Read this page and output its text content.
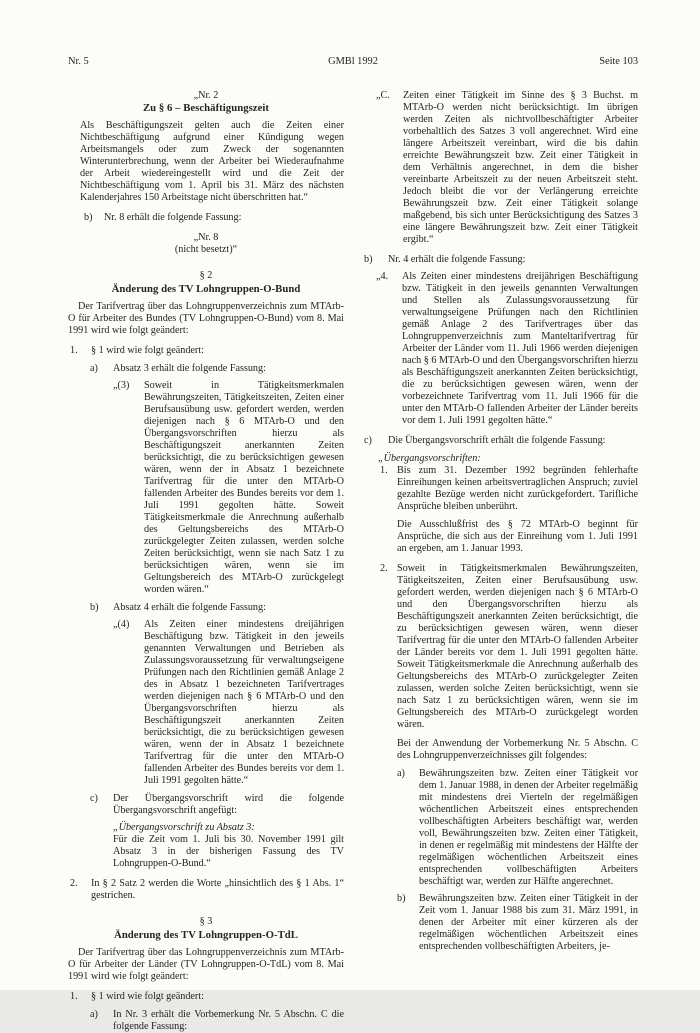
Nr. 5	GMBl 1992	Seite 103
„Nr. 2
Zu § 6 – Beschäftigungszeit
Als Beschäftigungszeit gelten auch die Zeiten einer Nichtbeschäftigung aufgrund einer Kündigung wegen Arbeitsmangels oder zum Zweck der sogenannten Winterunterbrechung, wenn der Arbeiter bei Wiederaufnahme der Arbeit wiedereingestellt wird und die Zeit der Nichtbeschäftigung vom 1. April bis 31. März des nächsten Kalenderjahres 150 Arbeitstage nicht überschritten hat.“
b)	Nr. 8 erhält die folgende Fassung:
„Nr. 8
(nicht besetzt)“
§ 2
Änderung des TV Lohngruppen-O-Bund
Der Tarifvertrag über das Lohngruppenverzeichnis zum MTArb-O für Arbeiter des Bundes (TV Lohngruppen-O-Bund) vom 8. Mai 1991 wird wie folgt geändert:
1.	§ 1 wird wie folgt geändert:
a)	Absatz 3 erhält die folgende Fassung:
„(3)	Soweit in Tätigkeitsmerkmalen Bewährungszeiten, Tätigkeitszeiten, Zeiten einer Berufsausübung usw. gefordert werden, werden diejenigen nach § 6 MTArb-O und den Übergangsvorschriften hierzu als Beschäftigungszeit anerkannten Zeiten berücksichtigt, die zu berücksichtigen gewesen wären, wenn der in Absatz 1 bezeichnete Tarifvertrag für die unter den MTArb-O fallenden Arbeiter des Bundes bereits vor dem 1. Juli 1991 gegolten hätte. Soweit Tätigkeitsmerkmale die Anrechnung außerhalb des Geltungsbereichs des MTArb-O zurückgelegter Zeiten zulassen, werden solche Zeiten berücksichtigt, wenn sie nach Satz 1 zu berücksichtigen wären, wenn sie im Geltungsbereich des MTArb-O zurückgelegt worden wären.“
b)	Absatz 4 erhält die folgende Fassung:
„(4)	Als Zeiten einer mindestens dreijährigen Beschäftigung bzw. Tätigkeit in den jeweils genannten Verwaltungen und Betrieben als Zulassungsvoraussetzung für verwaltungseigene Prüfungen nach den Richtlinien gemäß Anlage 2 des in Absatz 1 bezeichneten Tarifvertrages werden diejenigen nach § 6 MTArb-O und den Übergangsvorschriften hierzu als Beschäftigungszeit anerkannten Zeiten berücksichtigt, die zu berücksichtigen gewesen wären, wenn der in Absatz 1 bezeichnete Tarifvertrag für die unter den MTArb-O fallenden Arbeiter des Bundes bereits vor dem 1. Juli 1991 gegolten hätte.“
c)	Der Übergangsvorschrift wird die folgende Übergangsvorschrift angefügt:
„Übergangsvorschrift zu Absatz 3:
Für die Zeit vom 1. Juli bis 30. November 1991 gilt Absatz 3 in der bisherigen Fassung des TV Lohngruppen-O-Bund.“
2.	In § 2 Satz 2 werden die Worte „hinsichtlich des § 1 Abs. 1“ gestrichen.
§ 3
Änderung des TV Lohngruppen-O-TdL
Der Tarifvertrag über das Lohngruppenverzeichnis zum MTArb-O für Arbeiter der Länder (TV Lohngruppen-O-TdL) vom 8. Mai 1991 wird wie folgt geändert:
1.	§ 1 wird wie folgt geändert:
a)	In Nr. 3 erhält die Vorbemerkung Nr. 5 Abschn. C die folgende Fassung:
„C.	Zeiten einer Tätigkeit im Sinne des § 3 Buchst. m MTArb-O werden nicht berücksichtigt. Im übrigen werden Zeiten als nichtvollbeschäftigter Arbeiter vorbehaltlich des Satzes 3 voll angerechnet. Wird eine längere Arbeitszeit vereinbart, wird die bis dahin erreichte Bewährungszeit bzw. Zeit einer Tätigkeit in dem Verhältnis angerechnet, in dem die bisher vereinbarte Arbeitszeit zu der neuen Arbeitszeit steht. Jedoch bleibt die vor der Verlängerung erreichte Bewährungszeit bzw. Zeit einer Tätigkeit solange maßgebend, bis sich unter Berücksichtigung des Satzes 3 eine längere Bewährungszeit bzw. Zeit einer Tätigkeit ergibt.“
b)	Nr. 4 erhält die folgende Fassung:
„4.	Als Zeiten einer mindestens dreijährigen Beschäftigung bzw. Tätigkeit in den jeweils genannten Verwaltungen und Stellen als Zulassungsvoraussetzung für verwaltungseigene Prüfungen nach den Richtlinien gemäß Anlage 2 des Tarifvertrages über das Lohngruppenverzeichnis zum Manteltarifvertrag für Arbeiter der Länder vom 11. Juli 1966 werden diejenigen nach § 6 MTArb-O und den Übergangsvorschriften hierzu als Beschäftigungszeit anerkannten Zeiten berücksichtigt, die zu berücksichtigen gewesen wären, wenn der vorbezeichnete Tarifvertrag vom 11. Juli 1966 für die unter den MTArb-O fallenden Arbeiter der Länder bereits vor dem 1. Juli 1991 gegolten hätte.“
c)	Die Übergangsvorschrift erhält die folgende Fassung:
„Übergangsvorschriften:
1. Bis zum 31. Dezember 1992 begründen fehlerhafte Einreihungen keinen arbeitsvertraglichen Anspruch; zuviel gezahlte Bezüge werden nicht zurückgefordert. Tarifliche Ansprüche bleiben unberührt.
Die Ausschlußfrist des § 72 MTArb-O beginnt für Ansprüche, die sich aus der Einreihung vom 1. Juli 1991 an ergeben, am 1. Januar 1993.
2. Soweit in Tätigkeitsmerkmalen Bewährungszeiten, Tätigkeitszeiten, Zeiten einer Berufsausübung usw. gefordert werden, werden diejenigen nach § 6 MTArb-O und den Übergangsvorschriften hierzu als Beschäftigungszeit anerkannten Zeiten berücksichtigt, die zu berücksichtigen gewesen wären, wenn dieser Tarifvertrag für die unter den MTArb-O fallenden Arbeiter der Länder bereits vor dem 1. Juli 1991 gegolten hätte. Soweit Tätigkeitsmerkmale die Anrechnung außerhalb des Geltungsbereichs des MTArb-O zurückgelegter Zeiten zulassen, werden solche Zeiten berücksichtigt, wenn sie nach Satz 1 zu berücksichtigen wären, wenn sie im Geltungsbereich des MTArb-O zurückgelegt worden wären.
Bei der Anwendung der Vorbemerkung Nr. 5 Abschn. C des Lohngruppenverzeichnisses gilt folgendes:
a)	Bewährungszeiten bzw. Zeiten einer Tätigkeit vor dem 1. Januar 1988, in denen der Arbeiter regelmäßig mit mindestens drei Vierteln der regelmäßigen wöchentlichen Arbeitszeit eines entsprechenden vollbeschäftigten Arbeiters beschäftigt war, werden voll, Bewährungszeiten bzw. Zeiten einer Tätigkeit, in denen er regelmäßig mit mindestens der Hälfte der regelmäßigen wöchentlichen Arbeitszeit eines entsprechenden vollbeschäftigten Arbeiters beschäftigt war, werden zur Hälfte angerechnet.
b)	Bewährungszeiten bzw. Zeiten einer Tätigkeit in der Zeit vom 1. Januar 1988 bis zum 31. März 1991, in denen der Arbeiter mit einer kürzeren als der regelmäßigen wöchentlichen Arbeitszeit eines entsprechenden vollbeschäftigten Arbeiters, je-
